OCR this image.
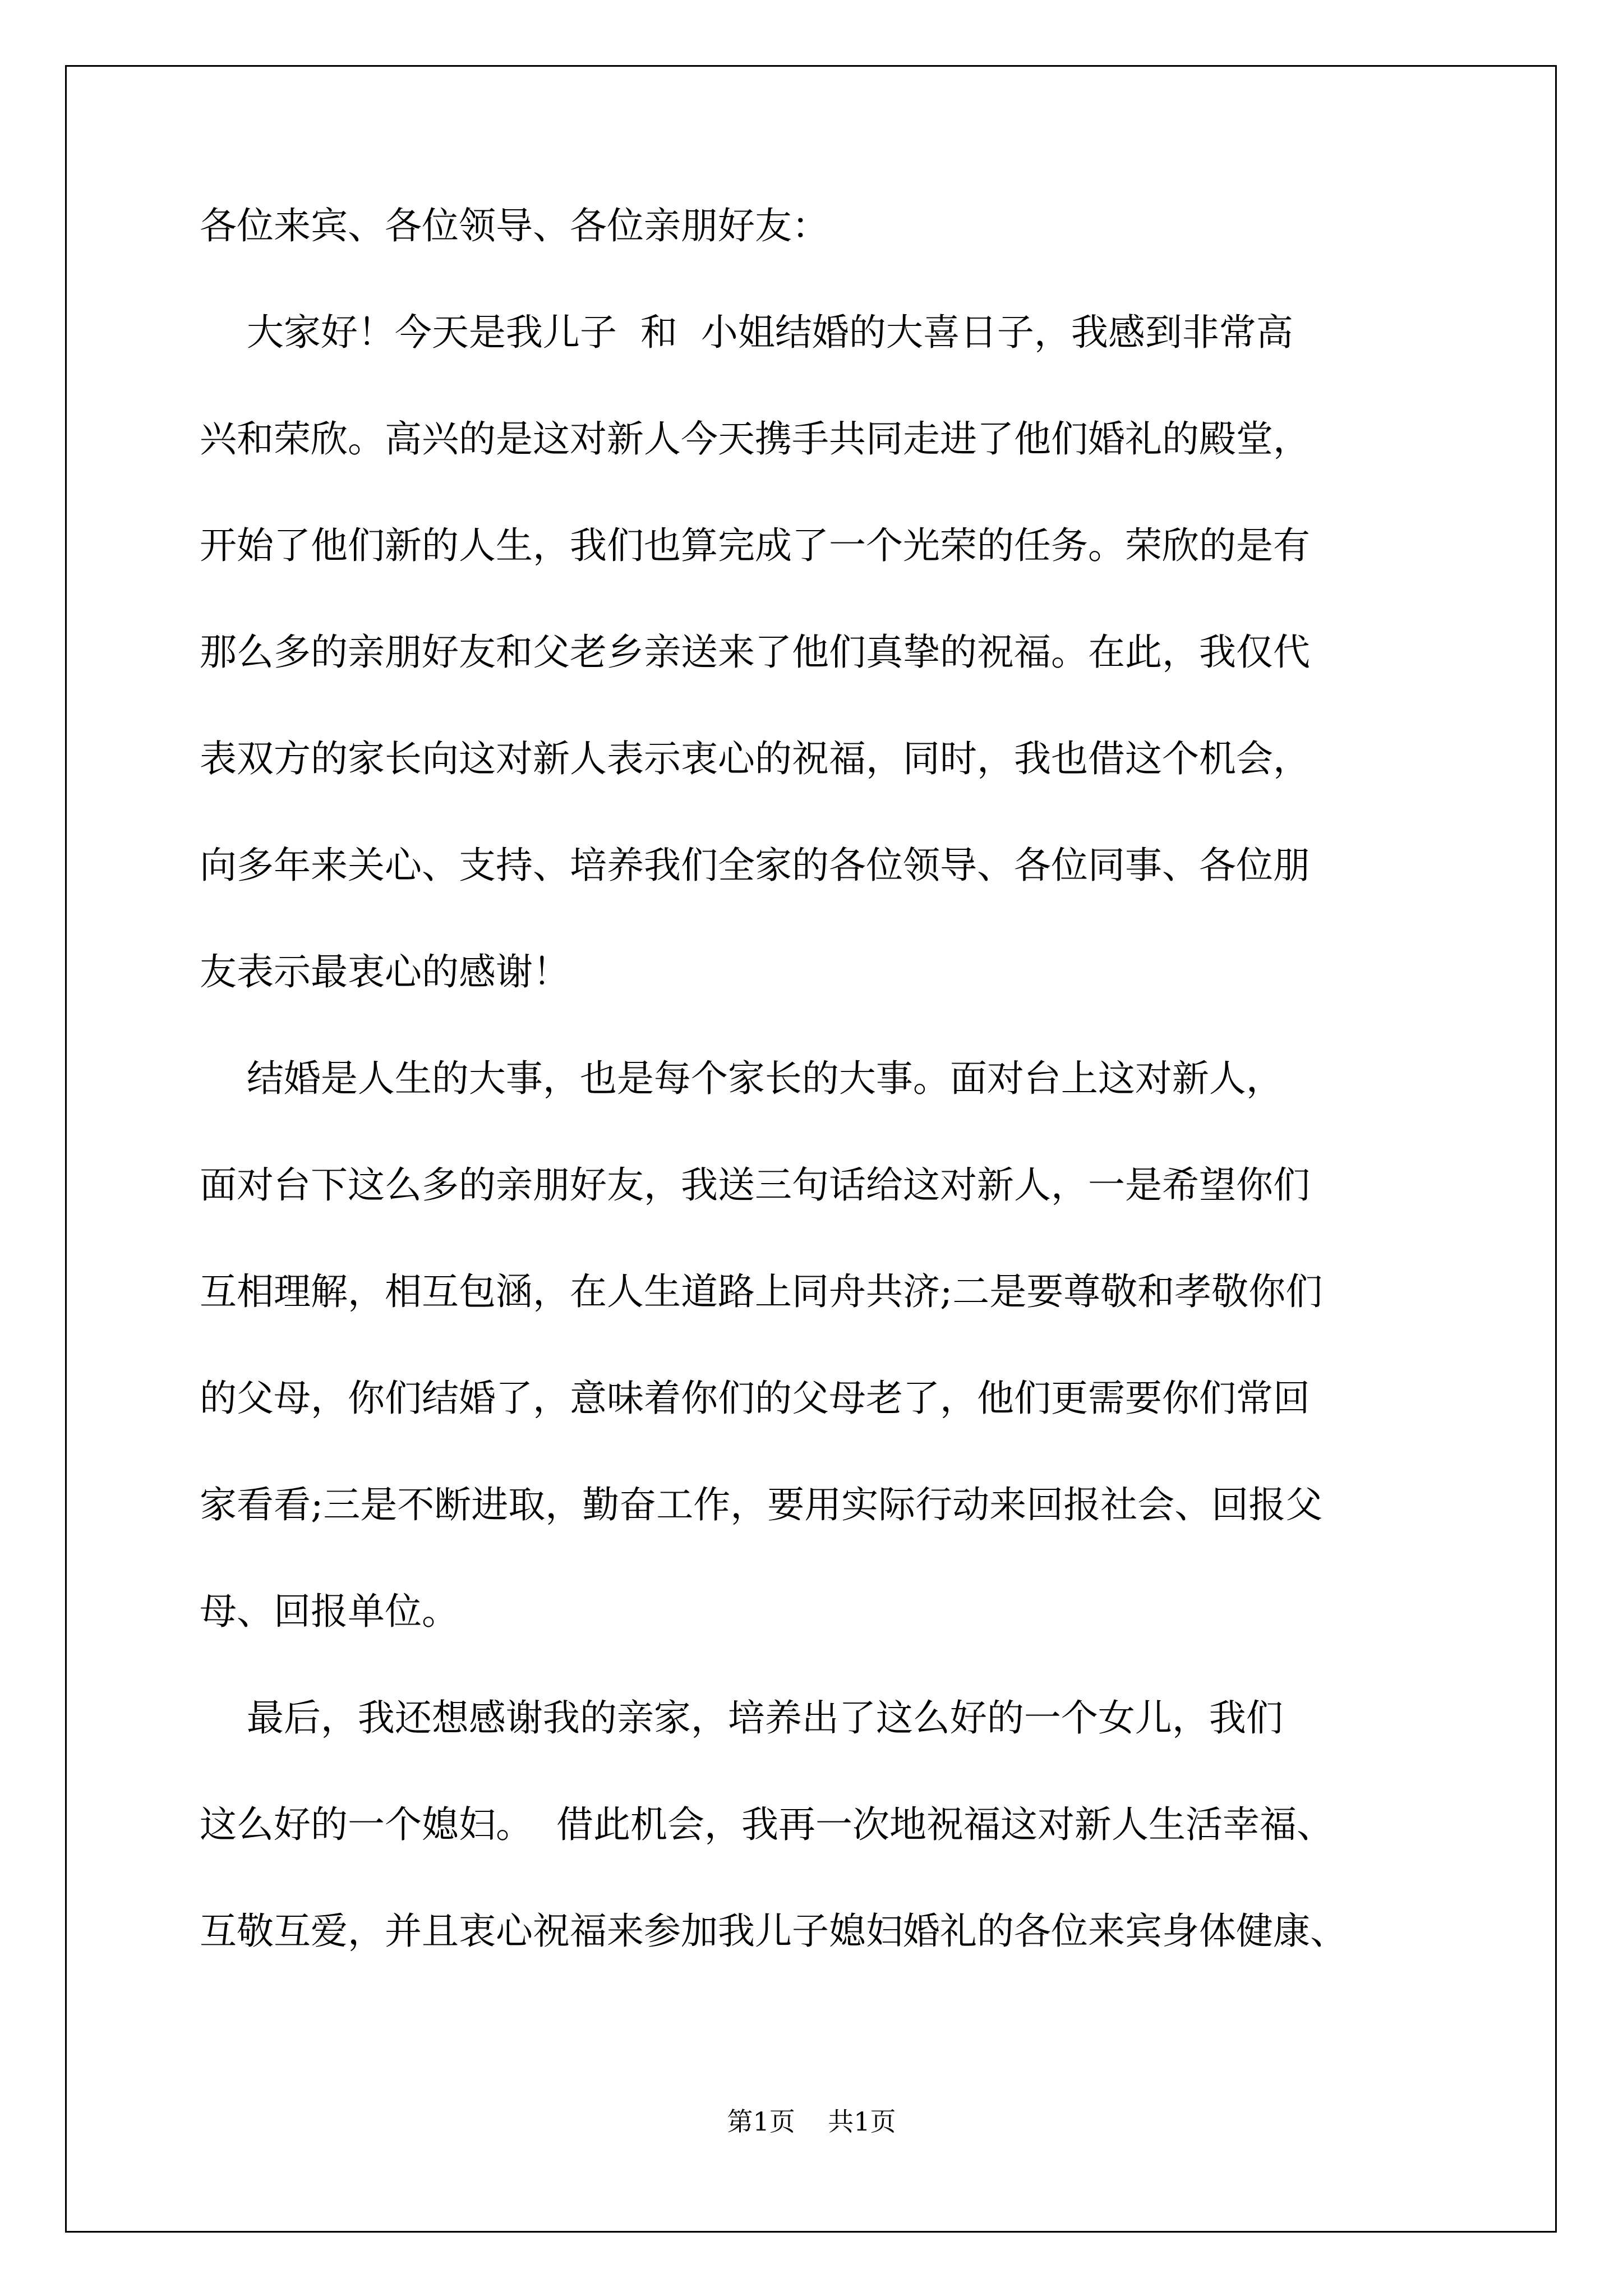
各位来宾、各位领导、各位亲朋好友：
大家好！今天是我儿子  和  小姐结婚的大喜日子，我感到非常高
兴和荣欣。高兴的是这对新人今天携手共同走进了他们婚礼的殿堂，
开始了他们新的人生，我们也算完成了一个光荣的任务。荣欣的是有
那么多的亲朋好友和父老乡亲送来了他们真挚的祝福。在此，我仅代
表双方的家长向这对新人表示衷心的祝福，同时，我也借这个机会，
向多年来关心、支持、培养我们全家的各位领导、各位同事、各位朋
友表示最衷心的感谢！
结婚是人生的大事，也是每个家长的大事。面对台上这对新人，
面对台下这么多的亲朋好友，我送三句话给这对新人，一是希望你们
互相理解，相互包涵，在人生道路上同舟共济;二是要尊敬和孝敬你们
的父母，你们结婚了，意味着你们的父母老了，他们更需要你们常回
家看看;三是不断进取，勤奋工作，要用实际行动来回报社会、回报父
母、回报单位。
最后，我还想感谢我的亲家，培养出了这么好的一个女儿，我们
这么好的一个媳妇。  借此机会，我再一次地祝福这对新人生活幸福、
互敬互爱，并且衷心祝福来参加我儿子媳妇婚礼的各位来宾身体健康、
第1页    共1页
